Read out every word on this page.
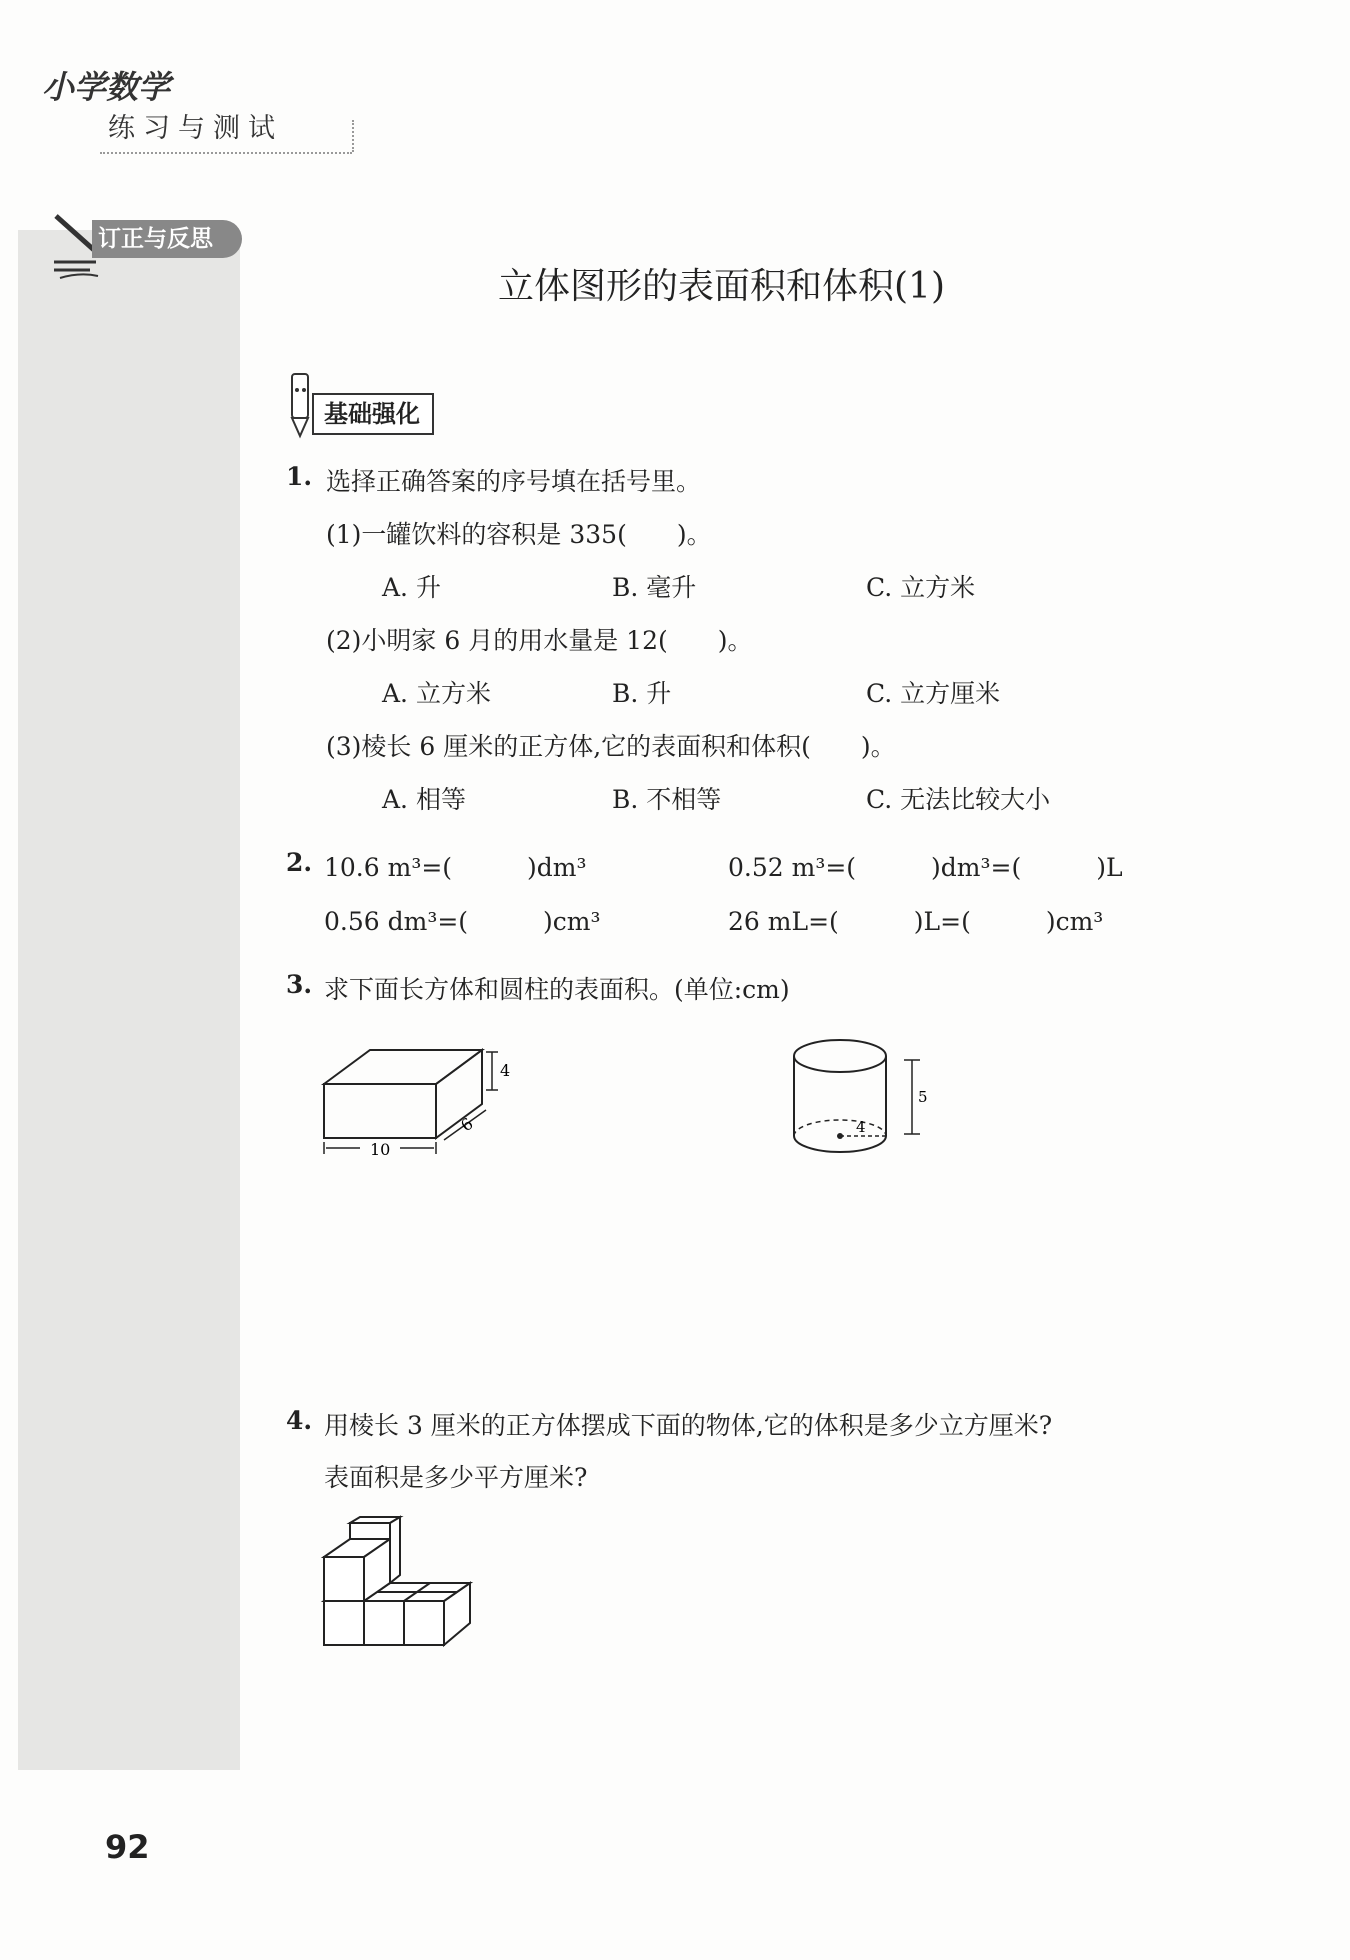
小学数学
练习与测试
订正与反思
立体图形的表面积和体积(1)
基础强化
1. 选择正确答案的序号填在括号里。
(1)一罐饮料的容积是 335(　　)。
A. 升	B. 毫升	C. 立方米
(2)小明家 6 月的用水量是 12(　　)。
A. 立方米	B. 升	C. 立方厘米
(3)棱长 6 厘米的正方体,它的表面积和体积(　　)。
A. 相等	B. 不相等	C. 无法比较大小
2. 10.6 m³=(　　　)dm³	0.52 m³=(　　　)dm³=(　　　)L
0.56 dm³=(　　　)cm³	26 mL=(　　　)L=(　　　)cm³
3. 求下面长方体和圆柱的表面积。(单位:cm)
10
6
4
4
5
4. 用棱长 3 厘米的正方体摆成下面的物体,它的体积是多少立方厘米?
表面积是多少平方厘米?
92
